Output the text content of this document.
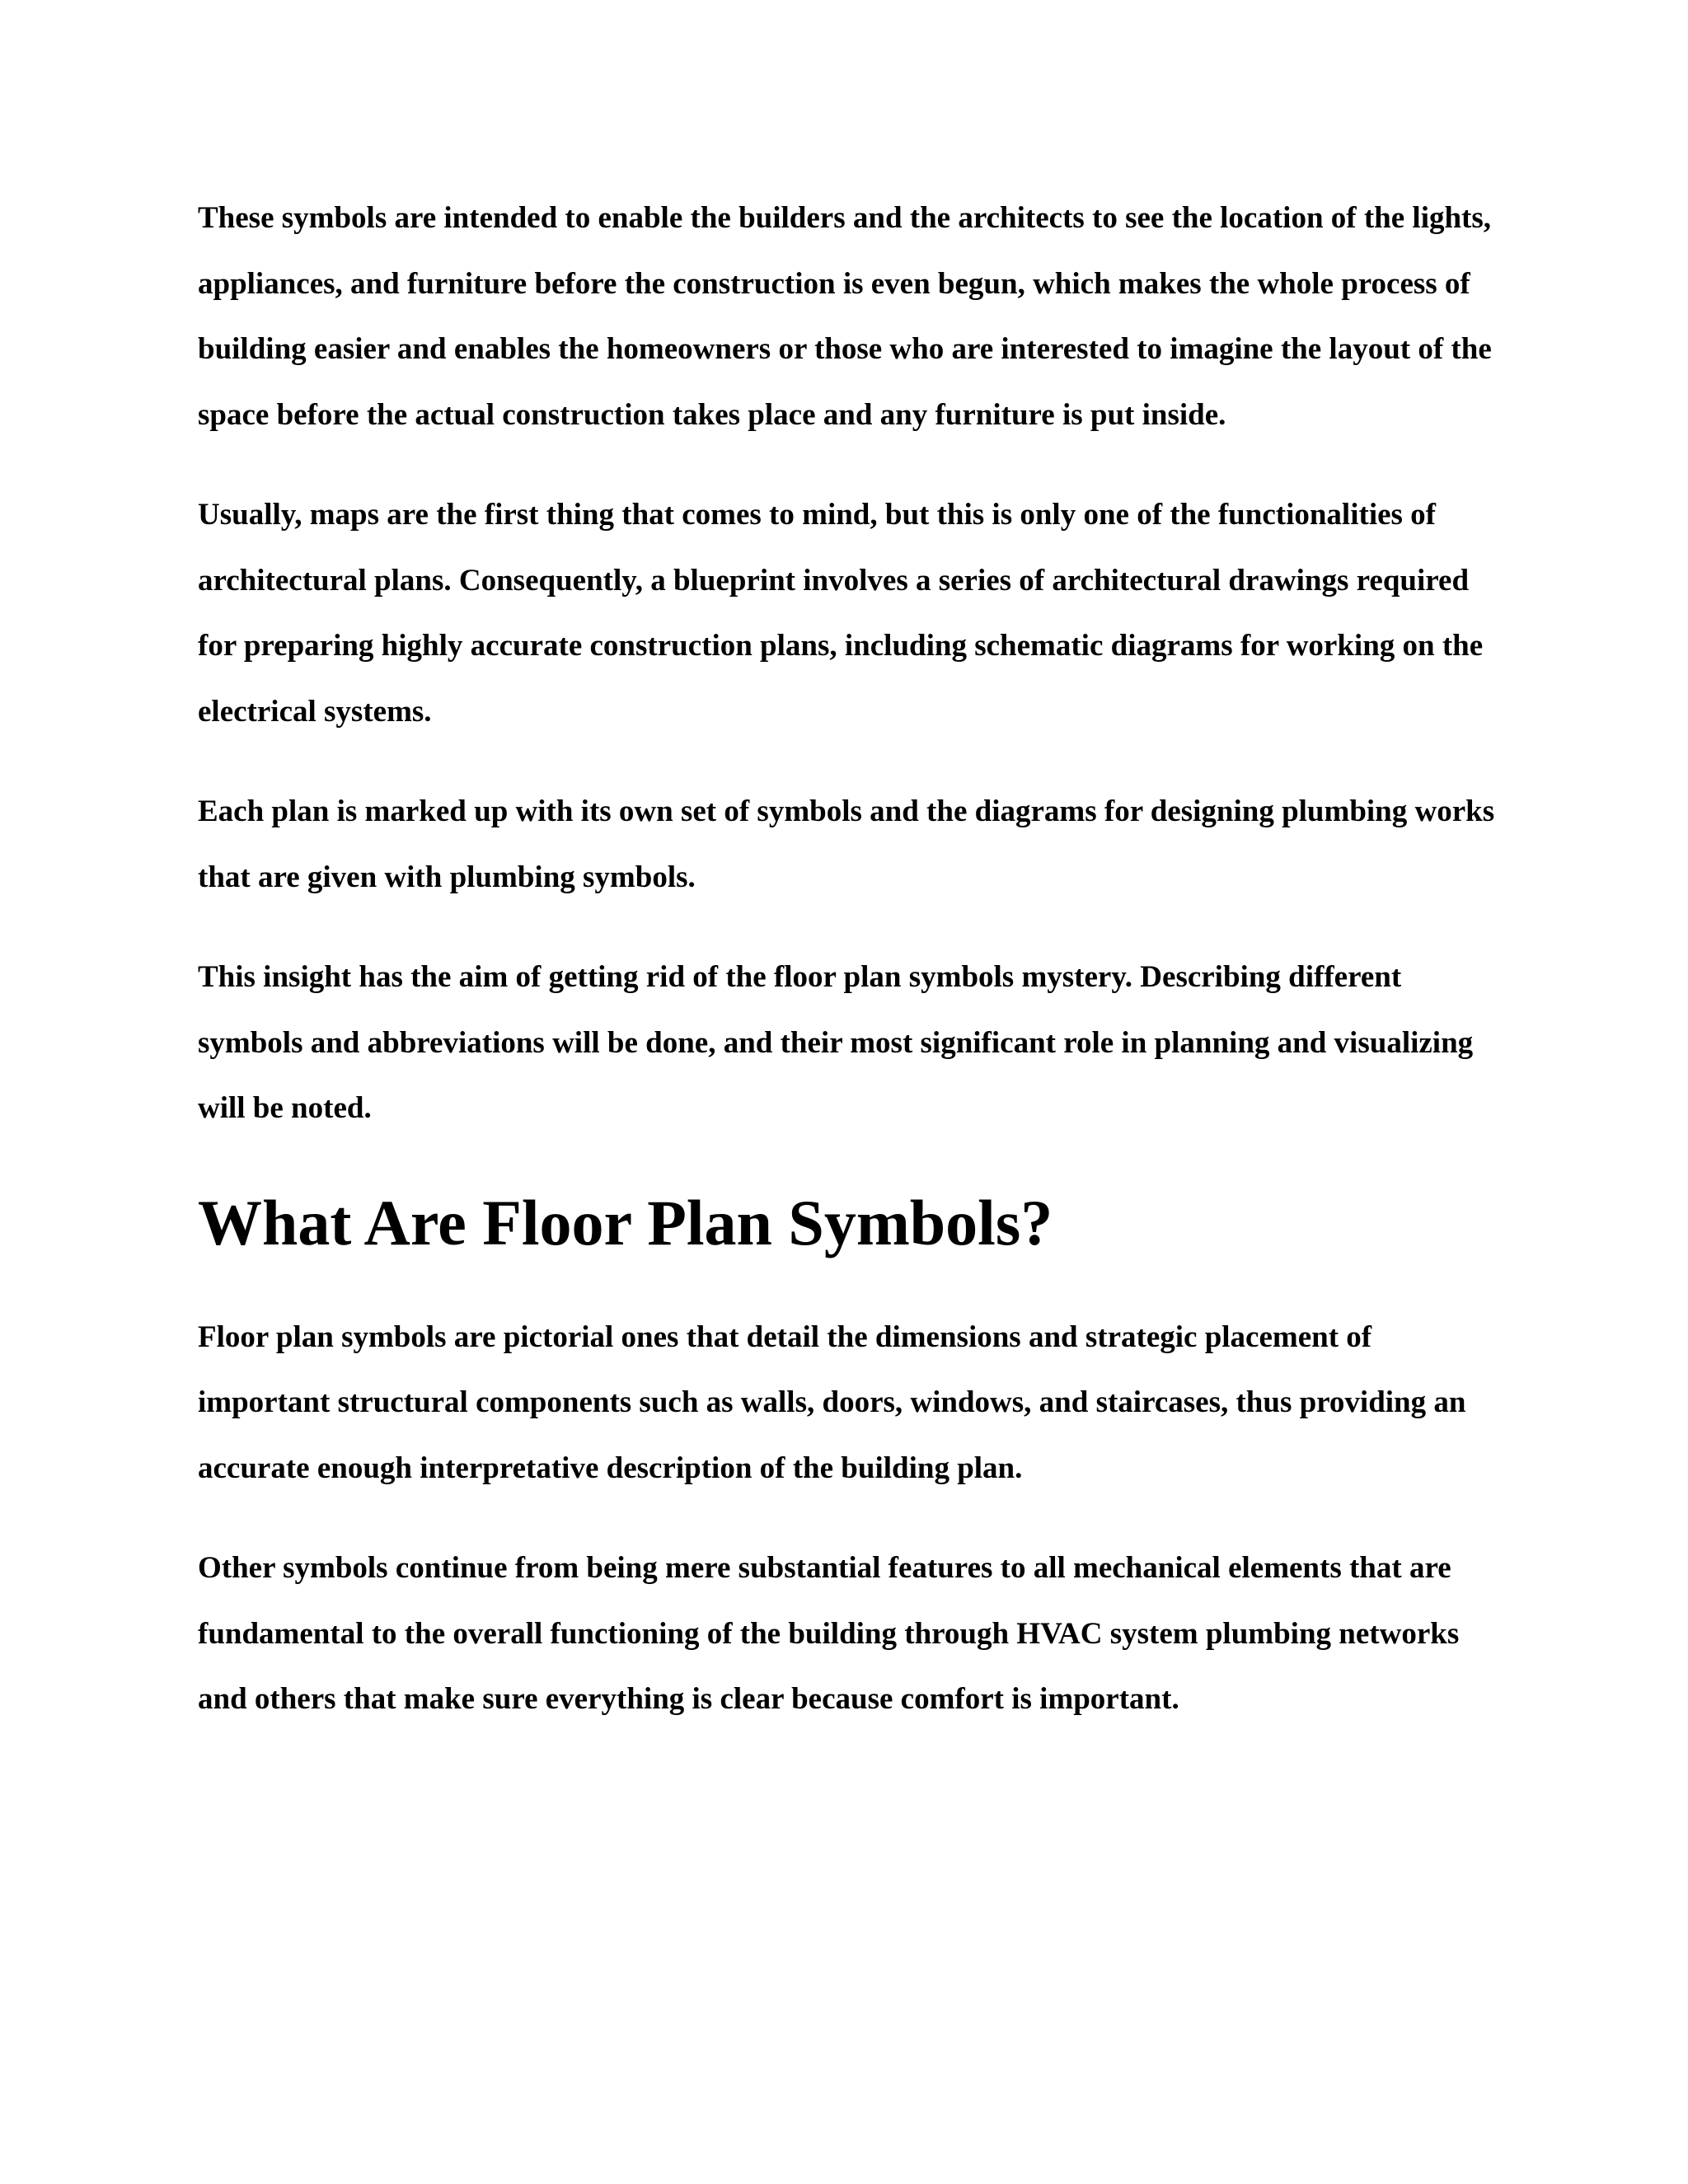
These symbols are intended to enable the builders and the architects to see the location of the lights, appliances, and furniture before the construction is even begun, which makes the whole process of building easier and enables the homeowners or those who are interested to imagine the layout of the space before the actual construction takes place and any furniture is put inside.

Usually, maps are the first thing that comes to mind, but this is only one of the functionalities of architectural plans. Consequently, a blueprint involves a series of architectural drawings required for preparing highly accurate construction plans, including schematic diagrams for working on the electrical systems.

Each plan is marked up with its own set of symbols and the diagrams for designing plumbing works that are given with plumbing symbols.

This insight has the aim of getting rid of the floor plan symbols mystery. Describing different symbols and abbreviations will be done, and their most significant role in planning and visualizing will be noted.

What Are Floor Plan Symbols?

Floor plan symbols are pictorial ones that detail the dimensions and strategic placement of important structural components such as walls, doors, windows, and staircases, thus providing an accurate enough interpretative description of the building plan.

Other symbols continue from being mere substantial features to all mechanical elements that are fundamental to the overall functioning of the building through HVAC system plumbing networks and others that make sure everything is clear because comfort is important.
